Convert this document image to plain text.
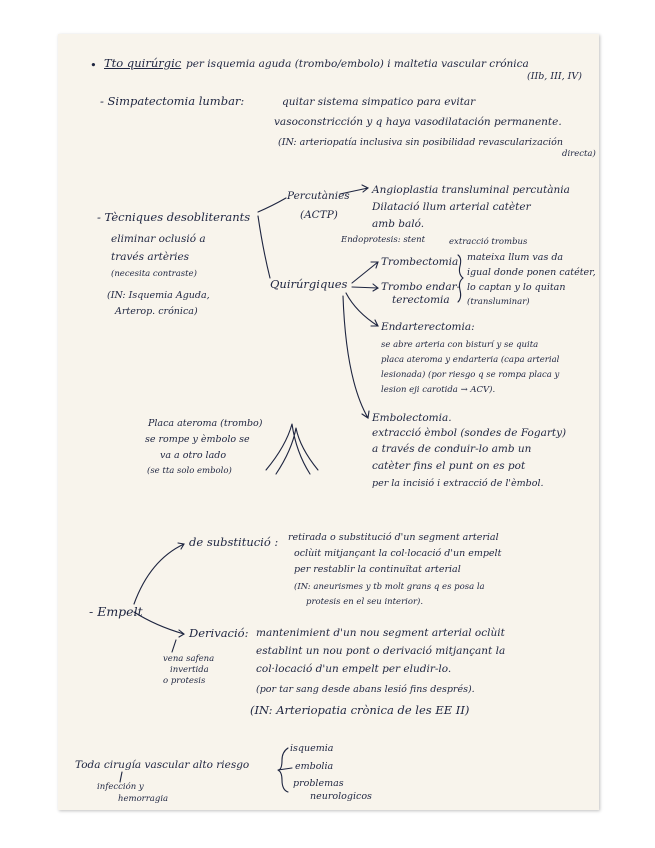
• Tto quirúrgic per isquemia aguda (trombo/embolo) i maltetia vascular crónica
(IIb, III, IV)
- Simpatectomia lumbar:	quitar sistema simpatico para evitar
vasoconstricción y q haya vasodilatación permanente.
(IN: arteriopatía inclusiva sin posibilidad revascularización
directa)
- Tècniques desobliterants
eliminar oclusió a
través artèries
(necesita contraste)
(IN: Isquemia Aguda,
Arterop. crónica)
Percutànies
(ACTP)
Angioplastia transluminal percutània
Dilatació llum arterial catèter
amb baló.
Endoprotesis: stent
Quirúrgiques
extracció trombus
Trombectomia
Trombo endar-
terectomia
mateixa llum vas da
igual donde ponen catéter,
lo captan y lo quitan
(transluminar)
Endarterectomia:
se abre arteria con bisturí y se quita
placa ateroma y endarteria (capa arterial
lesionada) (por riesgo q se rompa placa y
lesion eji carotida → ACV).
Embolectomia.
extracció èmbol (sondes de Fogarty)
a través de conduir-lo amb un
catèter fins el punt on es pot
per la incisió i extracció de l'èmbol.
Placa ateroma (trombo)
se rompe y èmbolo se
va a otro lado
(se tta solo embolo)
- Empelt
de substitució : retirada o substitució d'un segment arterial
oclùit mitjançant la col·locació d'un empelt
per restablir la continuïtat arterial
(IN: aneurismes y tb molt grans q es posa la
protesis en el seu interior).
Derivació: mantenimient d'un nou segment arterial oclùit
establint un nou pont o derivació mitjançant la
col·locació d'un empelt per eludir-lo.
(por tar sang desde abans lesió fins després).
(IN: Arteriopatia crònica de les EE II)
vena safena
invertida
o protesis
Toda cirugía vascular alto riesgo
isquemia
embolia
problemas
neurologicos
infección y
hemorragia
